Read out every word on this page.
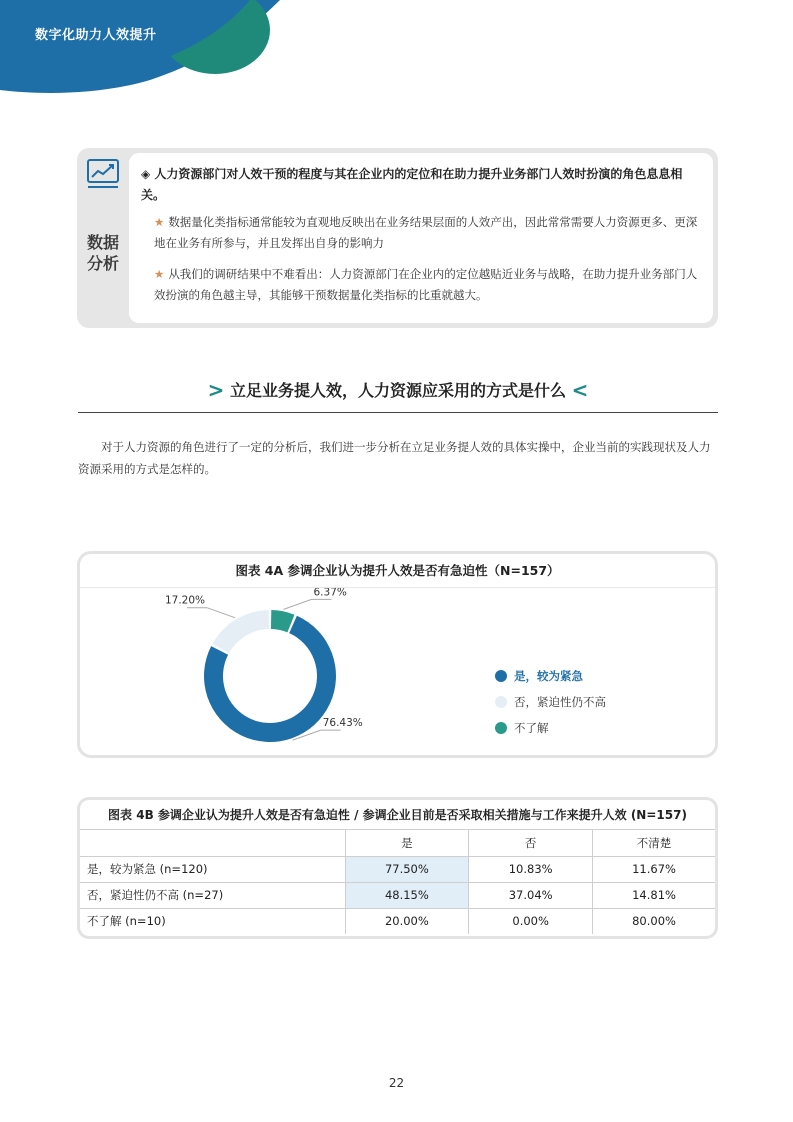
数字化助力人效提升
数据
分析
◈ 人力资源部门对人效干预的程度与其在企业内的定位和在助力提升业务部门人效时扮演的角色息息相关。
★ 数据量化类指标通常能较为直观地反映出在业务结果层面的人效产出，因此常常需要人力资源更多、更深地在业务有所参与，并且发挥出自身的影响力
★ 从我们的调研结果中不难看出：人力资源部门在企业内的定位越贴近业务与战略，在助力提升业务部门人效扮演的角色越主导，其能够干预数据量化类指标的比重就越大。
> 立足业务提人效，人力资源应采用的方式是什么 <
对于人力资源的角色进行了一定的分析后，我们进一步分析在立足业务提人效的具体实操中，企业当前的实践现状及人力资源采用的方式是怎样的。
图表 4A 参调企业认为提升人效是否有急迫性（N=157）
76.43%
17.20%
6.37%
是，较为紧急
否，紧迫性仍不高
不了解
图表 4B 参调企业认为提升人效是否有急迫性 / 参调企业目前是否采取相关措施与工作来提升人效 (N=157)
	是	否	不清楚
是，较为紧急 (n=120)	77.50%	10.83%	11.67%
否，紧迫性仍不高 (n=27)	48.15%	37.04%	14.81%
不了解 (n=10)	20.00%	0.00%	80.00%
22
